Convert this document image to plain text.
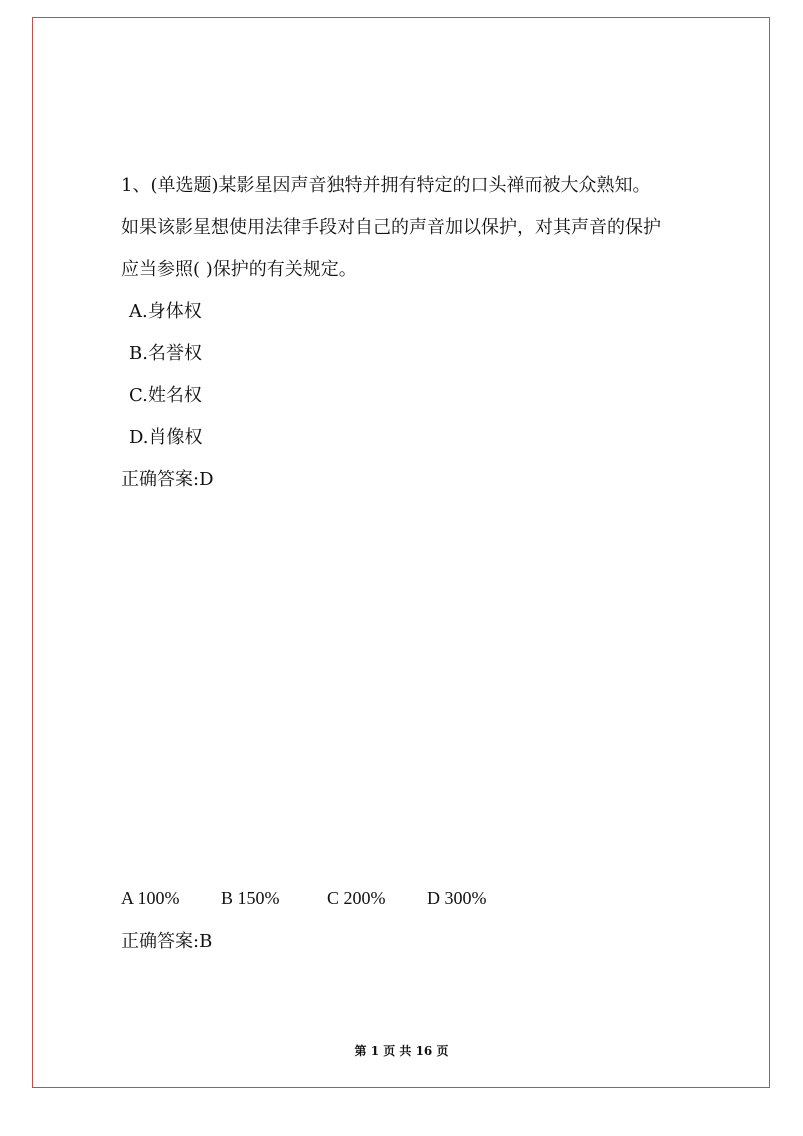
1、(单选题)某影星因声音独特并拥有特定的口头禅而被大众熟知。
如果该影星想使用法律手段对自己的声音加以保护，对其声音的保护
应当参照( )保护的有关规定。
A.身体权
B.名誉权
C.姓名权
D.肖像权
正确答案:D
A 100% B 150%	C 200% D 300%
正确答案:B
第 1 页 共 16 页
